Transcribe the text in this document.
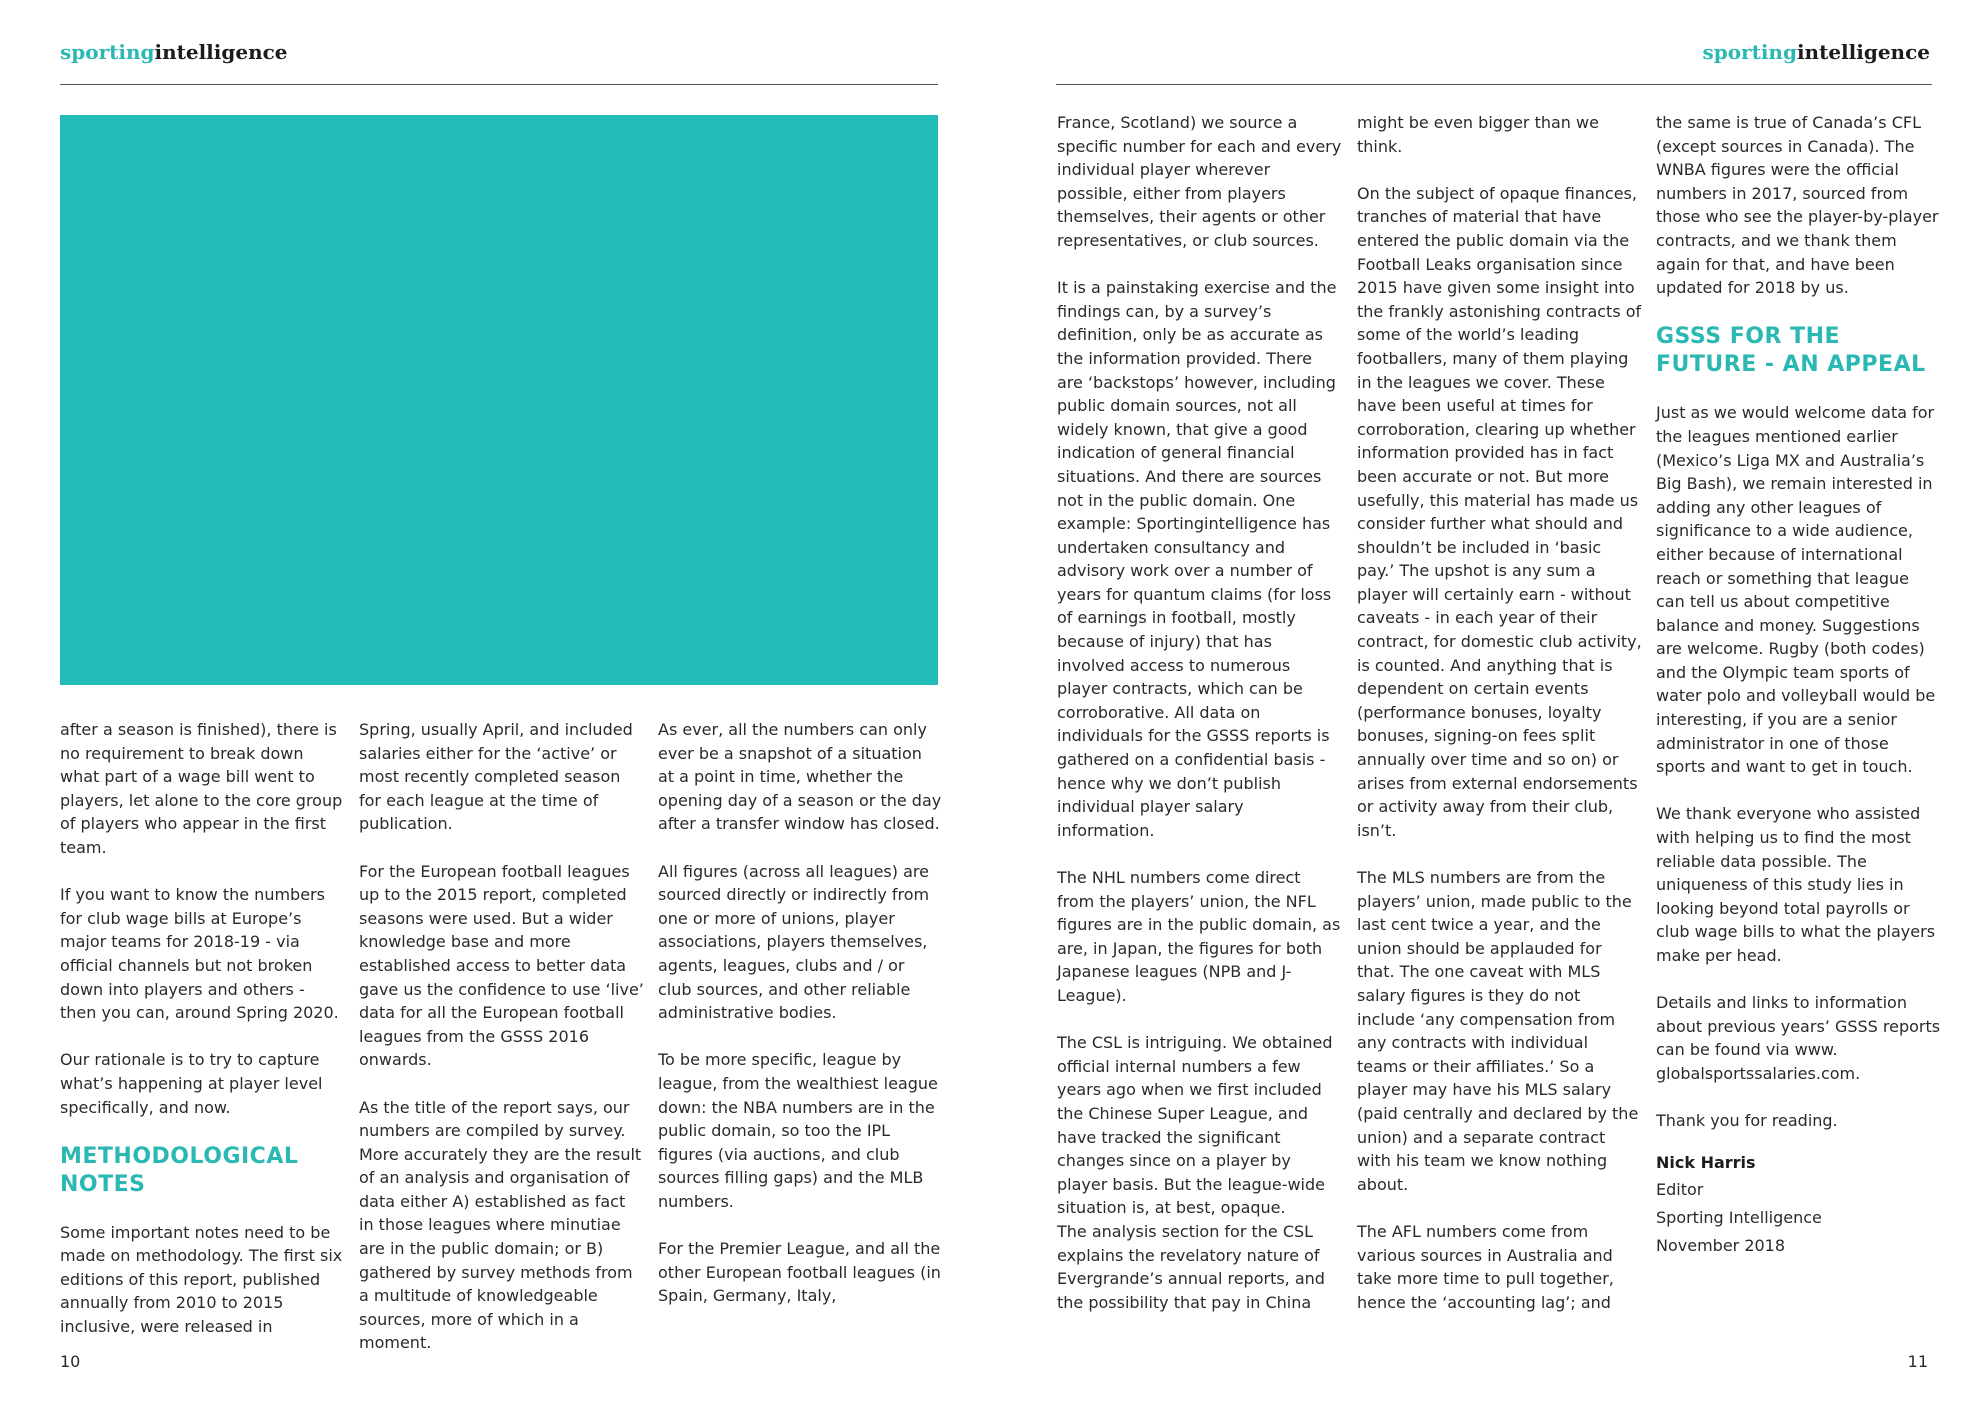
sportingintelligence

after a season is finished), there is no requirement to break down what part of a wage bill went to players, let alone to the core group of players who appear in the first team.

If you want to know the numbers for club wage bills at Europe’s major teams for 2018-19 - via official channels but not broken down into players and others - then you can, around Spring 2020.

Our rationale is to try to capture what’s happening at player level specifically, and now.

METHODOLOGICAL NOTES

Some important notes need to be made on methodology. The first six editions of this report, published annually from 2010 to 2015 inclusive, were released in

Spring, usually April, and included salaries either for the ‘active’ or most recently completed season for each league at the time of publication.

For the European football leagues up to the 2015 report, completed seasons were used. But a wider knowledge base and more established access to better data gave us the confidence to use ‘live’ data for all the European football leagues from the GSSS 2016 onwards.

As the title of the report says, our numbers are compiled by survey. More accurately they are the result of an analysis and organisation of data either A) established as fact in those leagues where minutiae are in the public domain; or B) gathered by survey methods from a multitude of knowledgeable sources, more of which in a moment.

As ever, all the numbers can only ever be a snapshot of a situation at a point in time, whether the opening day of a season or the day after a transfer window has closed.

All figures (across all leagues) are sourced directly or indirectly from one or more of unions, player associations, players themselves, agents, leagues, clubs and / or club sources, and other reliable administrative bodies.

To be more specific, league by league, from the wealthiest league down: the NBA numbers are in the public domain, so too the IPL figures (via auctions, and club sources filling gaps) and the MLB numbers.

For the Premier League, and all the other European football leagues (in Spain, Germany, Italy,

10
sportingintelligence

France, Scotland) we source a specific number for each and every individual player wherever possible, either from players themselves, their agents or other representatives, or club sources.

It is a painstaking exercise and the findings can, by a survey’s definition, only be as accurate as the information provided. There are ‘backstops’ however, including public domain sources, not all widely known, that give a good indication of general financial situations. And there are sources not in the public domain. One example: Sportingintelligence has undertaken consultancy and advisory work over a number of years for quantum claims (for loss of earnings in football, mostly because of injury) that has involved access to numerous player contracts, which can be corroborative. All data on individuals for the GSSS reports is gathered on a confidential basis - hence why we don’t publish individual player salary information.

The NHL numbers come direct from the players’ union, the NFL figures are in the public domain, as are, in Japan, the figures for both Japanese leagues (NPB and J-League).

The CSL is intriguing. We obtained official internal numbers a few years ago when we first included the Chinese Super League, and have tracked the significant changes since on a player by player basis. But the league-wide situation is, at best, opaque.

The analysis section for the CSL explains the revelatory nature of Evergrande’s annual reports, and the possibility that pay in China

might be even bigger than we think.

On the subject of opaque finances, tranches of material that have entered the public domain via the Football Leaks organisation since 2015 have given some insight into the frankly astonishing contracts of some of the world’s leading footballers, many of them playing in the leagues we cover. These have been useful at times for corroboration, clearing up whether information provided has in fact been accurate or not. But more usefully, this material has made us consider further what should and shouldn’t be included in ‘basic pay.’ The upshot is any sum a player will certainly earn - without caveats - in each year of their contract, for domestic club activity, is counted. And anything that is dependent on certain events (performance bonuses, loyalty bonuses, signing-on fees split annually over time and so on) or arises from external endorsements or activity away from their club, isn’t.

The MLS numbers are from the players’ union, made public to the last cent twice a year, and the union should be applauded for that. The one caveat with MLS salary figures is they do not include ‘any compensation from any contracts with individual teams or their affiliates.’ So a player may have his MLS salary (paid centrally and declared by the union) and a separate contract with his team we know nothing about.

The AFL numbers come from various sources in Australia and take more time to pull together, hence the ‘accounting lag’; and

the same is true of Canada’s CFL (except sources in Canada). The WNBA figures were the official numbers in 2017, sourced from those who see the player-by-player contracts, and we thank them again for that, and have been updated for 2018 by us.

GSSS FOR THE FUTURE - AN APPEAL

Just as we would welcome data for the leagues mentioned earlier (Mexico’s Liga MX and Australia’s Big Bash), we remain interested in adding any other leagues of significance to a wide audience, either because of international reach or something that league can tell us about competitive balance and money. Suggestions are welcome. Rugby (both codes) and the Olympic team sports of water polo and volleyball would be interesting, if you are a senior administrator in one of those sports and want to get in touch.

We thank everyone who assisted with helping us to find the most reliable data possible. The uniqueness of this study lies in looking beyond total payrolls or club wage bills to what the players make per head.

Details and links to information about previous years’ GSSS reports can be found via www. globalsportssalaries.com.

Thank you for reading.

Nick Harris

Editor

Sporting Intelligence

November 2018

11
